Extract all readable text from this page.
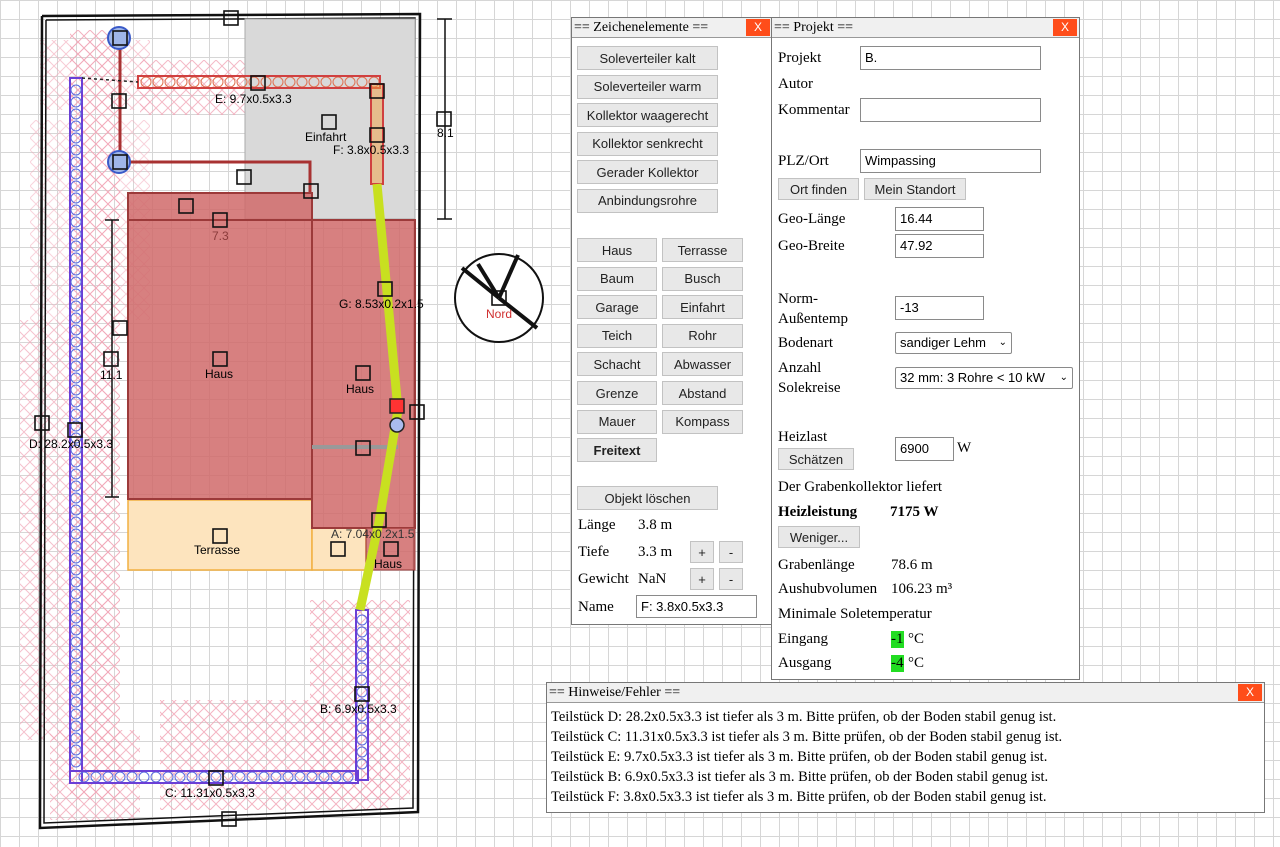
Nord
E: 9.7x0.5x3.3
Einfahrt
F: 3.8x0.5x3.3
8.1
7.3
G: 8.53x0.2x1.5
11.1	Haus
Haus
D: 28.2x0.5x3.3
A: 7.04x0.2x1.5
Terrasse
Haus
B: 6.9x0.5x3.3
C: 11.31x0.5x3.3
== Zeichenelemente ==	X
Soleverteiler kalt
Soleverteiler warm
Kollektor waagerecht
Kollektor senkrecht
Gerader Kollektor
Anbindungsrohre
Haus
Baum
Garage
Teich
Schacht
Grenze
Mauer
Freitext
Terrasse
Busch
Einfahrt
Rohr
Abwasser
Abstand
Kompass
Objekt löschen
Länge 3.8 m
Tiefe 3.3 m	+	-
Gewicht NaN	+	-
Name	F: 3.8x0.5x3.3
== Projekt ==	X
Projekt	B.
Autor
Kommentar
PLZ/Ort	Wimpassing
Ort finden	Mein Standort
Geo-Länge	16.44
Geo-Breite	47.92
Norm-
Außentemp
-13
Bodenart	sandiger Lehm ⌄
Anzahl
Solekreise
32 mm: 3 Rohre < 10 kW ⌄
Heizlast
6900	W
Schätzen
Der Grabenkollektor liefert
Heizleistung 7175 W
Weniger...
Grabenlänge 78.6 m
Aushubvolumen 106.23 m³
Minimale Soletemperatur
Eingang	-1 °C
Ausgang	-4 °C
== Hinweise/Fehler ==	X
Teilstück D: 28.2x0.5x3.3 ist tiefer als 3 m. Bitte prüfen, ob der Boden stabil genug ist.
Teilstück C: 11.31x0.5x3.3 ist tiefer als 3 m. Bitte prüfen, ob der Boden stabil genug ist.
Teilstück E: 9.7x0.5x3.3 ist tiefer als 3 m. Bitte prüfen, ob der Boden stabil genug ist.
Teilstück B: 6.9x0.5x3.3 ist tiefer als 3 m. Bitte prüfen, ob der Boden stabil genug ist.
Teilstück F: 3.8x0.5x3.3 ist tiefer als 3 m. Bitte prüfen, ob der Boden stabil genug ist.
